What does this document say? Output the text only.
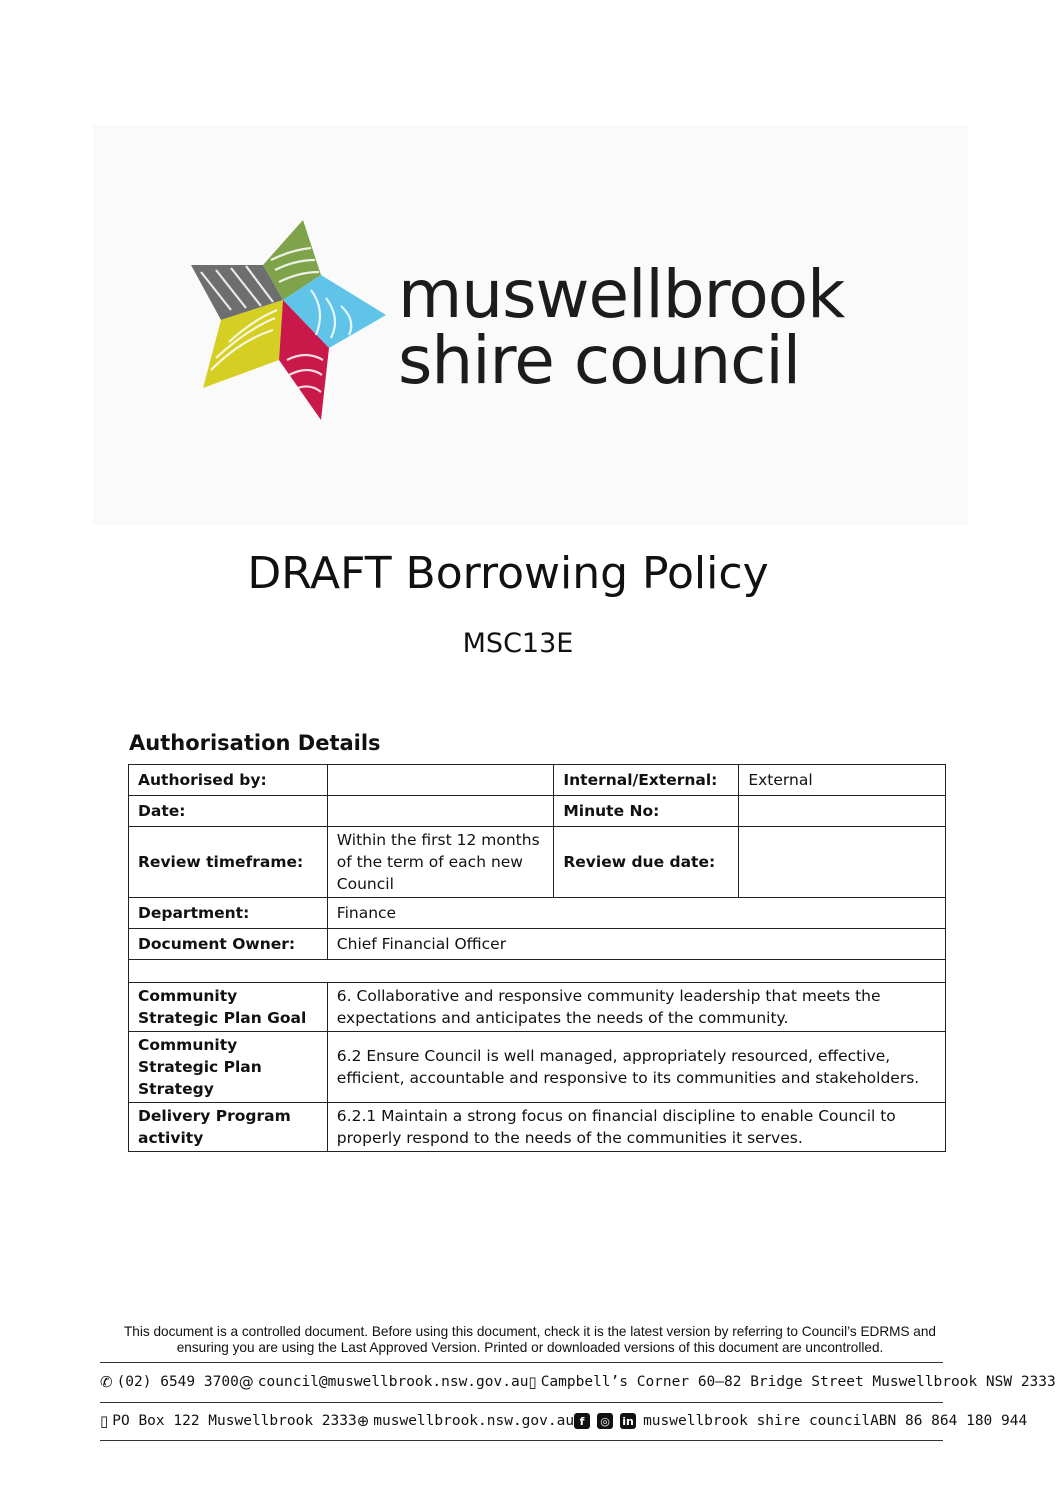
muswellbrook
shire council
DRAFT Borrowing Policy
MSC13E
Authorisation Details
Authorised by:		Internal/External:	External
Date:		Minute No:	
Review timeframe:	Within the first 12 months of the term of each new Council	Review due date:	
Department:	Finance		
Document Owner:	Chief Financial Officer		

Community Strategic Plan Goal	6. Collaborative and responsive community leadership that meets the expectations and anticipates the needs of the community.		
Community Strategic Plan Strategy	6.2 Ensure Council is well managed, appropriately resourced, effective, efficient, accountable and responsive to its communities and stakeholders.		
Delivery Program activity	6.2.1 Maintain a strong focus on financial discipline to enable Council to properly respond to the needs of the communities it serves.		
This document is a controlled document. Before using this document, check it is the latest version by referring to Council’s EDRMS and ensuring you are using the Last Approved Version. Printed or downloaded versions of this document are uncontrolled.
✆ (02) 6549 3700 @ council@muswellbrook.nsw.gov.au ▯ Campbell’s Corner 60–82 Bridge Street Muswellbrook NSW 2333
▯ PO Box 122 Muswellbrook 2333 ⊕ muswellbrook.nsw.gov.au f	◎ in muswellbrook shire council ABN 86 864 180 944
